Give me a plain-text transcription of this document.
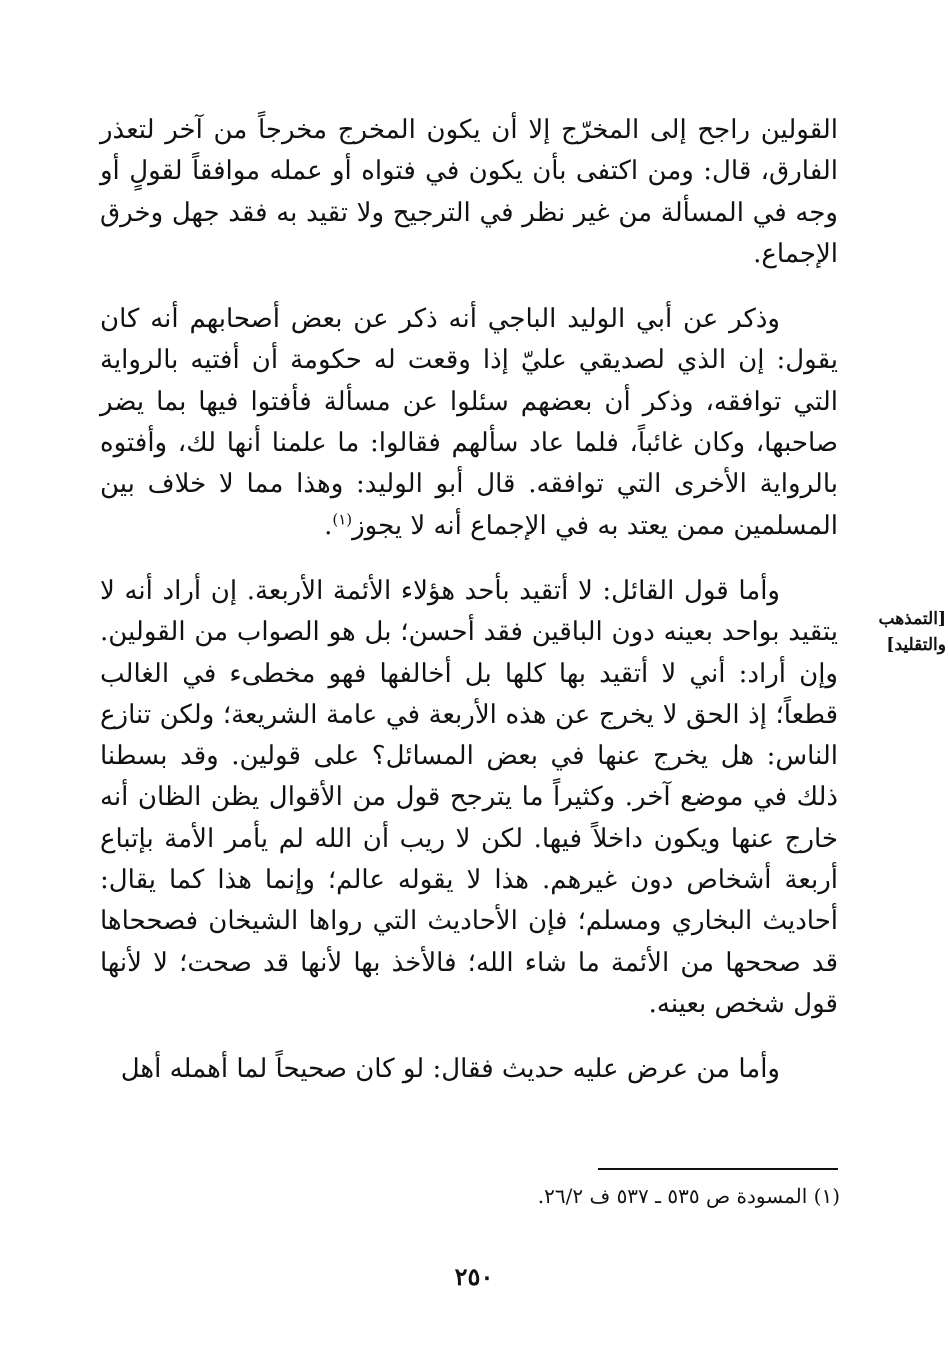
القولين راجح إلى المخرّج إلا أن يكون المخرج مخرجاً من آخر لتعذر الفارق، قال: ومن اكتفى بأن يكون في فتواه أو عمله موافقاً لقولٍ أو وجه في المسألة من غير نظر في الترجيح ولا تقيد به فقد جهل وخرق الإجماع.

وذكر عن أبي الوليد الباجي أنه ذكر عن بعض أصحابهم أنه كان يقول: إن الذي لصديقي عليّ إذا وقعت له حكومة أن أفتيه بالرواية التي توافقه، وذكر أن بعضهم سئلوا عن مسألة فأفتوا فيها بما يضر صاحبها، وكان غائباً، فلما عاد سألهم فقالوا: ما علمنا أنها لك، وأفتوه بالرواية الأخرى التي توافقه. قال أبو الوليد: وهذا مما لا خلاف بين المسلمين ممن يعتد به في الإجماع أنه لا يجوز$^{(١)}$.

وأما قول القائل: لا أتقيد بأحد هؤلاء الأئمة الأربعة. إن أراد أنه لا يتقيد بواحد بعينه دون الباقين فقد أحسن؛ بل هو الصواب من القولين. وإن أراد: أني لا أتقيد بها كلها بل أخالفها فهو مخطىء في الغالب قطعاً؛ إذ الحق لا يخرج عن هذه الأربعة في عامة الشريعة؛ ولكن تنازع الناس: هل يخرج عنها في بعض المسائل؟ على قولين. وقد بسطنا ذلك في موضع آخر. وكثيراً ما يترجح قول من الأقوال يظن الظان أنه خارج عنها ويكون داخلاً فيها. لكن لا ريب أن الله لم يأمر الأمة بإتباع أربعة أشخاص دون غيرهم. هذا لا يقوله عالم؛ وإنما هذا كما يقال: أحاديث البخاري ومسلم؛ فإن الأحاديث التي رواها الشيخان فصححاها قد صححها من الأئمة ما شاء الله؛ فالأخذ بها لأنها قد صحت؛ لا لأنها قول شخص بعينه.

وأما من عرض عليه حديث فقال: لو كان صحيحاً لما أهمله أهل

[التمذهب
والتقليد]
(١) المسودة ص ٥٣٥ ـ ٥٣٧ ف ٢٦/٢.
٢٥٠
